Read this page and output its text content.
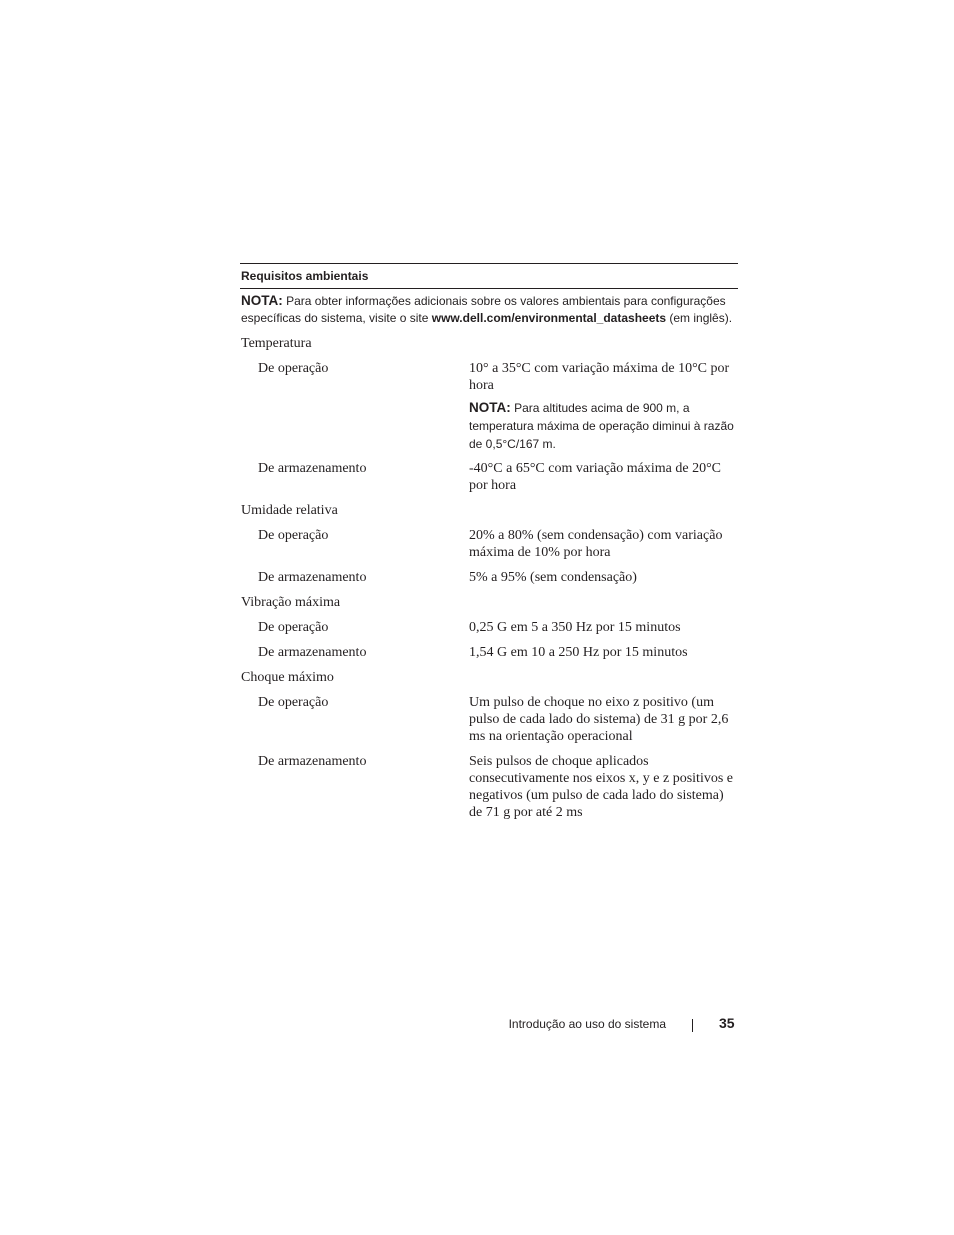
Requisitos ambientais
NOTA: Para obter informações adicionais sobre os valores ambientais para configurações específicas do sistema, visite o site www.dell.com/environmental_datasheets (em inglês).
Temperatura
De operação	10° a 35°C com variação máxima de 10°C por hora
NOTA: Para altitudes acima de 900 m, a temperatura máxima de operação diminui à razão de 0,5°C/167 m.
De armazenamento	-40°C a 65°C com variação máxima de 20°C por hora
Umidade relativa
De operação	20% a 80% (sem condensação) com variação máxima de 10% por hora
De armazenamento	5% a 95% (sem condensação)
Vibração máxima
De operação	0,25 G em 5 a 350 Hz por 15 minutos
De armazenamento	1,54 G em 10 a 250 Hz por 15 minutos
Choque máximo
De operação	Um pulso de choque no eixo z positivo (um pulso de cada lado do sistema) de 31 g por 2,6 ms na orientação operacional
De armazenamento	Seis pulsos de choque aplicados consecutivamente nos eixos x, y e z positivos e negativos (um pulso de cada lado do sistema) de 71 g por até 2 ms
Introdução ao uso do sistema	35
